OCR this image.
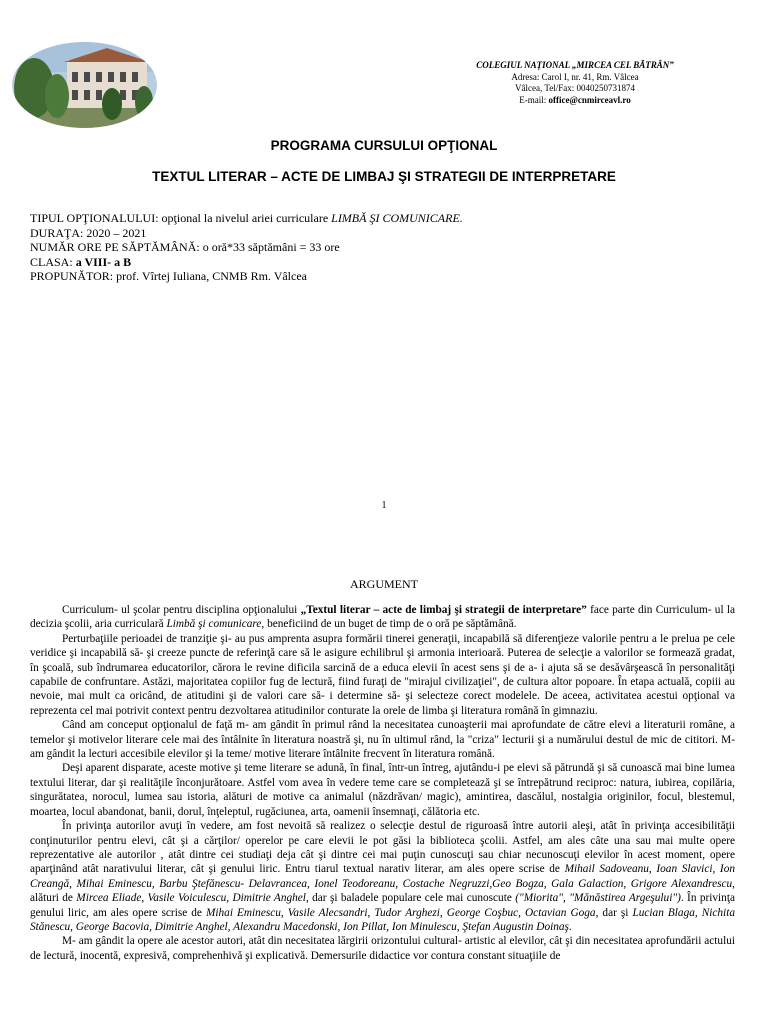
COLEGIUL NAȚIONAL „MIRCEA CEL BĂTRÂN”
Adresa: Carol I, nr. 41, Rm. Vâlcea
Vâlcea, Tel/Fax: 0040250731874
E-mail: office@cnmirceavl.ro
PROGRAMA CURSULUI OPŢIONAL
TEXTUL LITERAR – ACTE DE LIMBAJ ŞI STRATEGII DE INTERPRETARE
TIPUL OPŢIONALULUI: opţional la nivelul ariei curriculare LIMBĂ ŞI COMUNICARE.
DURAŢA: 2020 – 2021
NUMĂR ORE PE SĂPTĂMÂNĂ: o oră*33 săptămâni = 33 ore
CLASA: a VIII- a B
PROPUNĂTOR: prof. Vîrtej Iuliana, CNMB Rm. Vâlcea
1
ARGUMENT

Curriculum- ul şcolar pentru disciplina opţionalului „Textul literar – acte de limbaj şi strategii de interpretare” face parte din Curriculum- ul la decizia şcolii, aria curriculară Limbă şi comunicare, beneficiind de un buget de timp de o oră pe săptămână.

Perturbaţiile perioadei de tranziţie şi- au pus amprenta asupra formării tinerei generaţii, incapabilă să diferenţieze valorile pentru a le prelua pe cele veridice şi incapabilă să- şi creeze puncte de referinţă care să le asigure echilibrul şi armonia interioară. Puterea de selecţie a valorilor se formează gradat, în şcoală, sub îndrumarea educatorilor, cărora le revine dificila sarcină de a educa elevii în acest sens şi de a- i ajuta să se desăvârşească în personalităţi capabile de confruntare. Astăzi, majoritatea copiilor fug de lectură, fiind furaţi de "mirajul civilizaţiei", de cultura altor popoare. În etapa actuală, copiii au nevoie, mai mult ca oricând, de atitudini şi de valori care să- i determine să- şi selecteze corect modelele. De aceea, activitatea acestui opţional va reprezenta cel mai potrivit context pentru dezvoltarea atitudinilor conturate la orele de limba şi literatura română în gimnaziu.

Când am conceput opţionalul de faţă m- am gândit în primul rând la necesitatea cunoaşterii mai aprofundate de către elevi a literaturii române, a temelor şi motivelor literare cele mai des întâlnite în literatura noastră şi, nu în ultimul rând, la "criza" lecturii şi a numărului destul de mic de cititori. M-am gândit la lecturi accesibile elevilor şi la teme/ motive literare întâlnite frecvent în literatura română.

Deşi aparent disparate, aceste motive şi teme literare se adună, în final, într-un întreg, ajutându-i pe elevi să pătrundă şi să cunoască mai bine lumea textului literar, dar şi realităţile înconjurătoare. Astfel vom avea în vedere teme care se completează şi se întrepătrund reciproc: natura, iubirea, copilăria, singurătatea, norocul, lumea sau istoria, alături de motive ca animalul (năzdrăvan/ magic), amintirea, dascălul, nostalgia originilor, focul, blestemul, moartea, locul abandonat, banii, dorul, înţeleptul, rugăciunea, arta, oamenii însemnaţi, călătoria etc.

În privinţa autorilor avuţi în vedere, am fost nevoită să realizez o selecţie destul de riguroasă între autorii aleşi, atât în privinţa accesibilităţii conţinuturilor pentru elevi, cât şi a cărţilor/ operelor pe care elevii le pot găsi la biblioteca şcolii. Astfel, am ales câte una sau mai multe opere reprezentative ale autorilor , atât dintre cei studiaţi deja cât şi dintre cei mai puţin cunoscuţi sau chiar necunoscuţi elevilor în acest moment, opere aparţinând atât narativului literar, cât şi genului liric. Entru tiarul textual narativ literar, am ales opere scrise de Mihail Sadoveanu, Ioan Slavici, Ion Creangă, Mihai Eminescu, Barbu Ştefănescu- Delavrancea, Ionel Teodoreanu, Costache Negruzzi,Geo Bogza, Gala Galaction, Grigore Alexandrescu, alături de Mircea Eliade, Vasile Voiculescu, Dimitrie Anghel, dar şi baladele populare cele mai cunoscute ("Miorita", "Mănăstirea Argeşului"). În privinţa genului liric, am ales opere scrise de Mihai Eminescu, Vasile Alecsandri, Tudor Arghezi, George Coşbuc, Octavian Goga, dar şi Lucian Blaga, Nichita Stănescu, George Bacovia, Dimitrie Anghel, Alexandru Macedonski, Ion Pillat, Ion Minulescu, Ştefan Augustin Doinaş.

M- am gândit la opere ale acestor autori, atât din necesitatea lărgirii orizontului cultural- artistic al elevilor, cât şi din necesitatea aprofundării actului de lectură, inocentă, expresivă, comprehenhivă şi explicativă. Demersurile didactice vor contura constant situaţiile de
